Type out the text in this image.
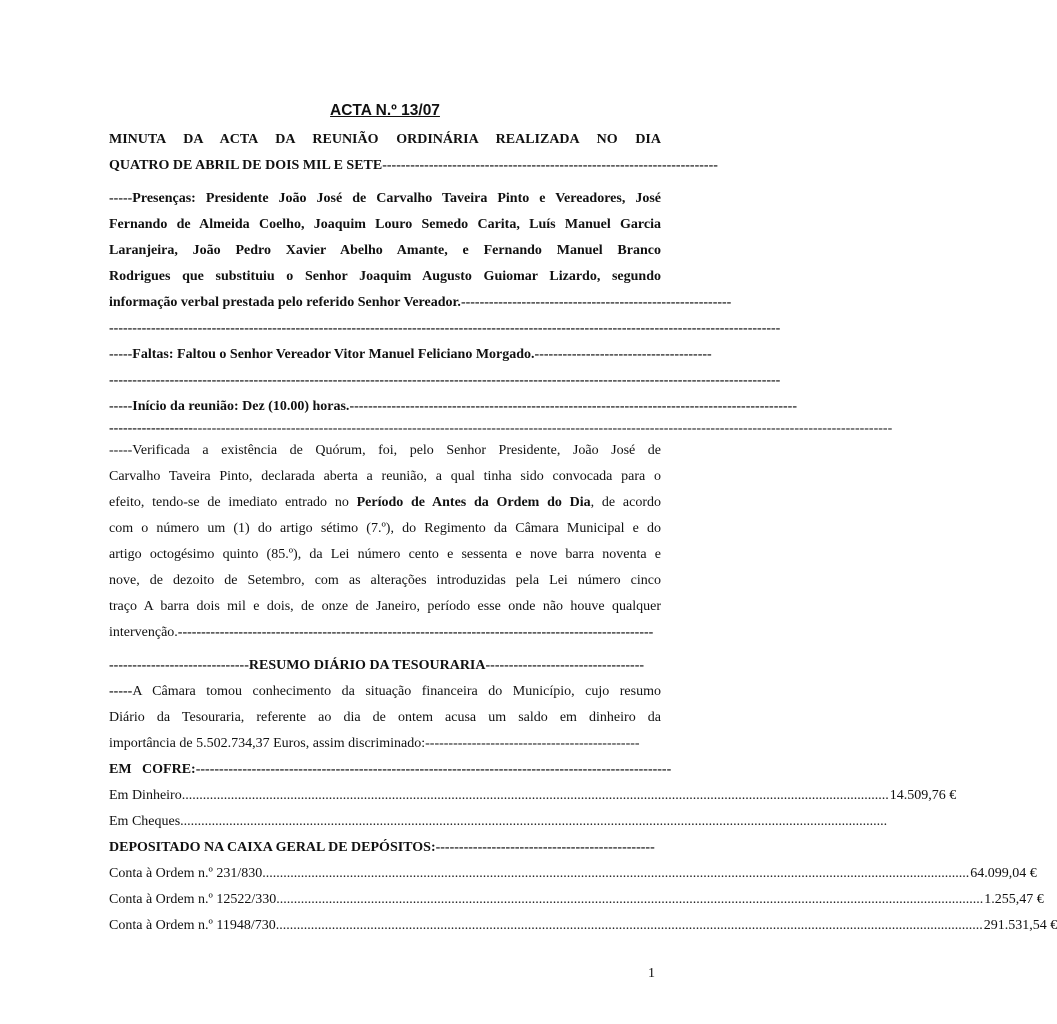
ACTA N.º 13/07
MINUTA DA ACTA DA REUNIÃO ORDINÁRIA REALIZADA NO DIA
QUATRO DE ABRIL DE DOIS MIL E SETE------------------------------------------------------------------------
-----Presenças: Presidente João José de Carvalho Taveira Pinto e Vereadores, José
Fernando de Almeida Coelho, Joaquim Louro Semedo Carita, Luís Manuel Garcia
Laranjeira, João Pedro Xavier Abelho Amante, e Fernando Manuel Branco
Rodrigues que substituiu o Senhor Joaquim Augusto Guiomar Lizardo, segundo
informação verbal prestada pelo referido Senhor Vereador.----------------------------------------------------------
------------------------------------------------------------------------------------------------------------------------------------------------
-----Faltas: Faltou o Senhor Vereador Vitor Manuel Feliciano Morgado.--------------------------------------
------------------------------------------------------------------------------------------------------------------------------------------------
-----Início da reunião: Dez (10.00) horas.------------------------------------------------------------------------------------------------
------------------------------------------------------------------------------------------------------------------------------------------------------------------------
-----Verificada a existência de Quórum, foi, pelo Senhor Presidente, João José de
Carvalho Taveira Pinto, declarada aberta a reunião, a qual tinha sido convocada para o
efeito, tendo-se de imediato entrado no Período de Antes da Ordem do Dia, de acordo
com o número um (1) do artigo sétimo (7.º), do Regimento da Câmara Municipal e do
artigo octogésimo quinto (85.º), da Lei número cento e sessenta e nove barra noventa e
nove, de dezoito de Setembro, com as alterações introduzidas pela Lei número cinco
traço A barra dois mil e dois, de onze de Janeiro, período esse onde não houve qualquer
intervenção.------------------------------------------------------------------------------------------------------
------------------------------RESUMO DIÁRIO DA TESOURARIA----------------------------------
-----A Câmara tomou conhecimento da situação financeira do Município, cujo resumo
Diário da Tesouraria, referente ao dia de ontem acusa um saldo em dinheiro da
importância de 5.502.734,37 Euros, assim discriminado:----------------------------------------------
EM   COFRE:------------------------------------------------------------------------------------------------------
Em Dinheiro .......................................................................................................................................................................................................... 14.509,76 €
Em Cheques ..........................................................................................................................................................................................................
DEPOSITADO NA CAIXA GERAL DE DEPÓSITOS:-----------------------------------------------
Conta à Ordem n.º 231/830 .......................................................................................................................................................................................................... 64.099,04 €
Conta à Ordem n.º 12522/330 .......................................................................................................................................................................................................... 1.255,47 €
Conta à Ordem n.º 11948/730 .......................................................................................................................................................................................................... 291.531,54 €
1
